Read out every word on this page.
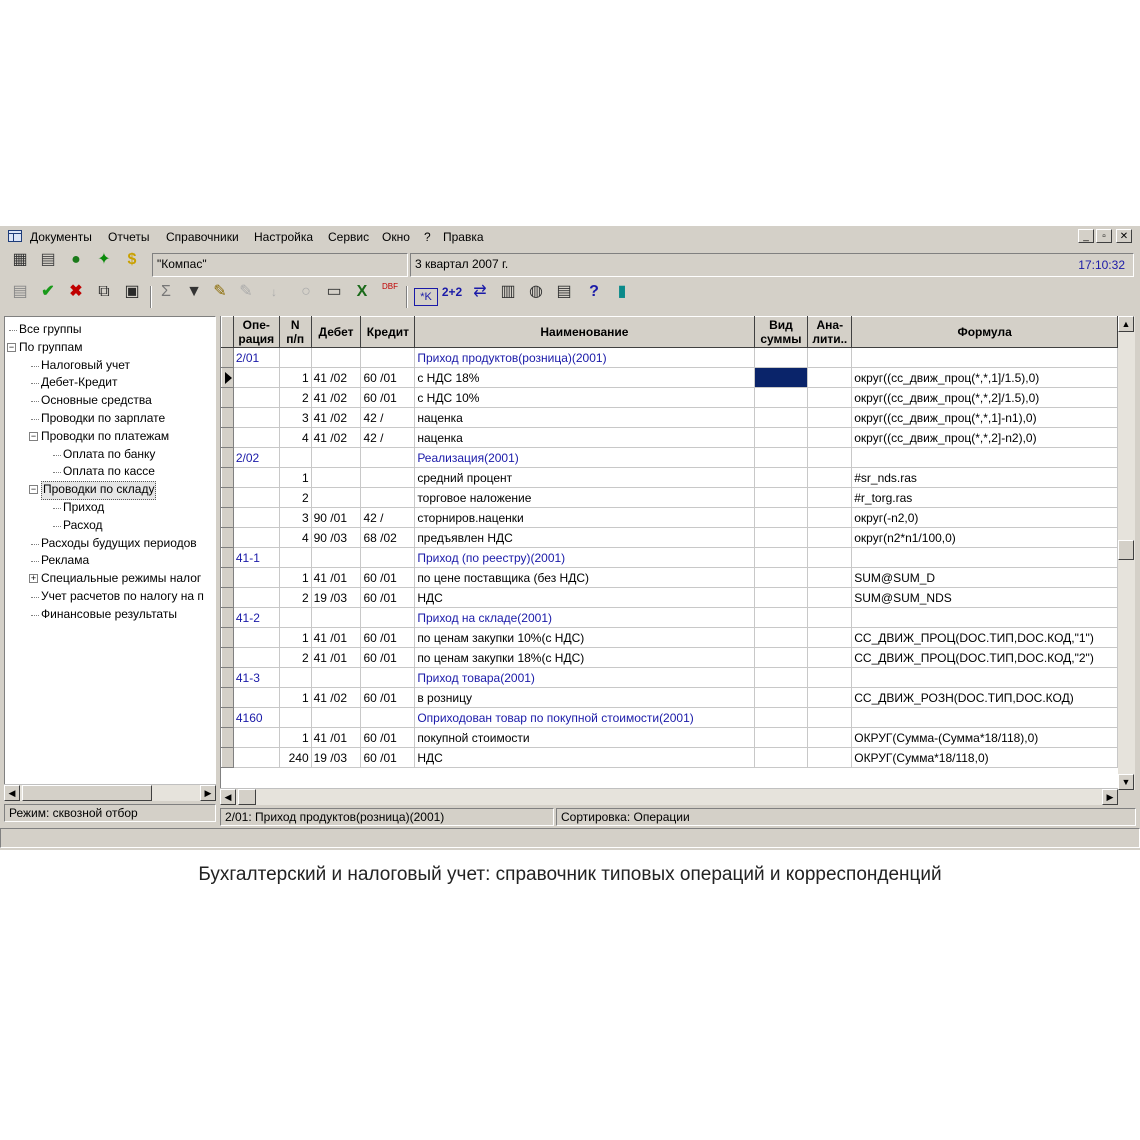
Документы Отчеты Справочники Настройка Сервис Окно ? Правка	_	▫	✕
▦ ▤ ●	✦	$	"Компас"	3 квартал 2007 г.	17:10:32
▤ ✔ ✖ ⧉ ▣	Σ ▼ ✎ ✎	↓	○ ▭ X	DBF
*K 2+2 ⇄ ▥ ◍ ▤	?	▮
Все группы
− По группам
Налоговый учет
Дебет-Кредит
Основные средства
Проводки по зарплате
− Проводки по платежам
Оплата по банку
Оплата по кассе
− Проводки по складу
Приход
Расход
Расходы будущих периодов
Реклама
+ Специальные режимы налог
Учет расчетов по налогу на п
Финансовые результаты
◀	▶
	Опе-
рация	N
п/п	Дебет	Кредит	Наименование	Вид
суммы	Ана-
лити..	Формула
	2/01				Приход продуктов(розница)(2001)			

		1	41 /02	60 /01	с НДС 18%			округ((сс_движ_проц(*,*,1]/1.5),0)
		2	41 /02	60 /01	с НДС 10%			округ((сс_движ_проц(*,*,2]/1.5),0)
		3	41 /02	42 /	наценка			округ((сс_движ_проц(*,*,1]-n1),0)
		4	41 /02	42 /	наценка			округ((сс_движ_проц(*,*,2]-n2),0)
	2/02				Реализация(2001)			
		1			средний процент			#sr_nds.ras
		2			торговое наложение			#r_torg.ras
		3	90 /01	42 /	сторниров.наценки			округ(-n2,0)
		4	90 /03	68 /02	предъявлен НДС			округ(n2*n1/100,0)
	41-1				Приход (по реестру)(2001)			
		1	41 /01	60 /01	по цене поставщика (без НДС)			SUM@SUM_D
		2	19 /03	60 /01	НДС			SUM@SUM_NDS
	41-2				Приход на складе(2001)			
		1	41 /01	60 /01	по ценам закупки 10%(с НДС)			СС_ДВИЖ_ПРОЦ(DOC.ТИП,DOC.КОД,"1")
		2	41 /01	60 /01	по ценам закупки 18%(с НДС)			СС_ДВИЖ_ПРОЦ(DOC.ТИП,DOC.КОД,"2")
	41-3				Приход товара(2001)			
		1	41 /02	60 /01	в розницу			СС_ДВИЖ_РОЗН(DOC.ТИП,DOC.КОД)
	4160				Оприходован товар по покупной стоимости(2001)			
		1	41 /01	60 /01	покупной стоимости			ОКРУГ(Сумма-(Сумма*18/118),0)
		240	19 /03	60 /01	НДС			ОКРУГ(Сумма*18/118,0)
▲
▼
◀	▶
Режим: сквозной отбор	2/01: Приход продуктов(розница)(2001)	Сортировка: Операции
Бухгалтерский и налоговый учет: справочник типовых операций и корреспонденций
